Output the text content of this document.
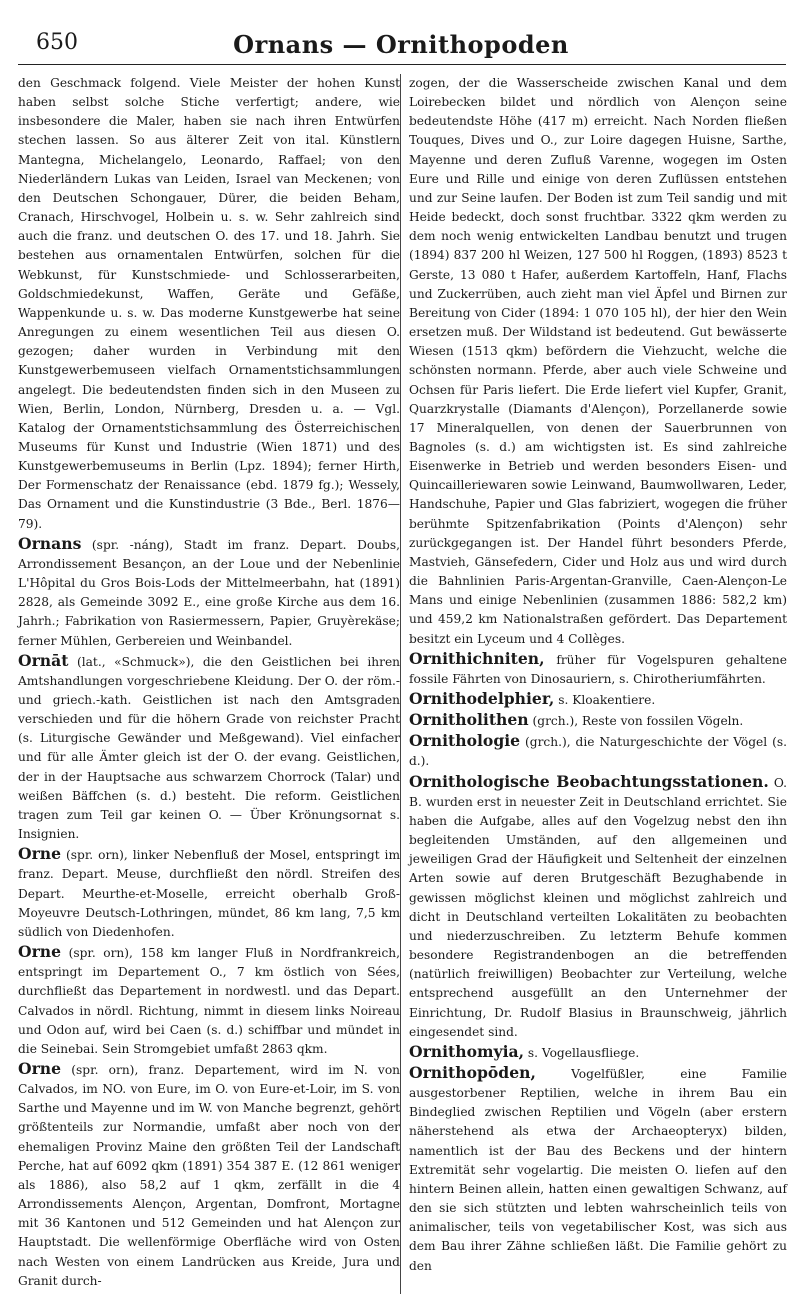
650	Ornans — Ornithopoden

den Geschmack folgend. Viele Meister der hohen Kunst haben selbst solche Stiche verfertigt; andere, wie insbesondere die Maler, haben sie nach ihren Entwürfen stechen lassen. So aus älterer Zeit von ital. Künstlern Mantegna, Michelangelo, Leonardo, Raffael; von den Niederländern Lukas van Leiden, Israel van Meckenen; von den Deutschen Schongauer, Dürer, die beiden Beham, Cranach, Hirschvogel, Holbein u. s. w. Sehr zahlreich sind auch die franz. und deutschen O. des 17. und 18. Jahrh. Sie bestehen aus ornamentalen Entwürfen, solchen für die Webkunst, für Kunstschmiede- und Schlosserarbeiten, Goldschmiedekunst, Waffen, Geräte und Gefäße, Wappenkunde u. s. w. Das moderne Kunstgewerbe hat seine Anregungen zu einem wesentlichen Teil aus diesen O. gezogen; daher wurden in Verbindung mit den Kunstgewerbemuseen vielfach Ornamentstichsammlungen angelegt. Die bedeutendsten finden sich in den Museen zu Wien, Berlin, London, Nürnberg, Dresden u. a. — Vgl. Katalog der Ornamentstichsammlung des Österreichischen Museums für Kunst und Industrie (Wien 1871) und des Kunstgewerbemuseums in Berlin (Lpz. 1894); ferner Hirth, Der Formenschatz der Renaissance (ebd. 1879 fg.); Wessely, Das Ornament und die Kunstindustrie (3 Bde., Berl. 1876—79).

Ornans (spr. -náng), Stadt im franz. Depart. Doubs, Arrondissement Besançon, an der Loue und der Nebenlinie L'Hôpital du Gros Bois-Lods der Mittelmeerbahn, hat (1891) 2828, als Gemeinde 3092 E., eine große Kirche aus dem 16. Jahrh.; Fabrikation von Rasiermessern, Papier, Gruyèrekäse; ferner Mühlen, Gerbereien und Weinbandel.

Ornāt (lat., «Schmuck»), die den Geistlichen bei ihren Amtshandlungen vorgeschriebene Kleidung. Der O. der röm.- und griech.-kath. Geistlichen ist nach den Amtsgraden verschieden und für die höhern Grade von reichster Pracht (s. Liturgische Gewänder und Meßgewand). Viel einfacher und für alle Ämter gleich ist der O. der evang. Geistlichen, der in der Hauptsache aus schwarzem Chorrock (Talar) und weißen Bäffchen (s. d.) besteht. Die reform. Geistlichen tragen zum Teil gar keinen O. — Über Krönungsornat s. Insignien.

Orne (spr. orn), linker Nebenfluß der Mosel, entspringt im franz. Depart. Meuse, durchfließt den nördl. Streifen des Depart. Meurthe-et-Moselle, erreicht oberhalb Groß-Moyeuvre Deutsch-Lothringen, mündet, 86 km lang, 7,5 km südlich von Diedenhofen.

Orne (spr. orn), 158 km langer Fluß in Nordfrankreich, entspringt im Departement O., 7 km östlich von Sées, durchfließt das Departement in nordwestl. und das Depart. Calvados in nördl. Richtung, nimmt in diesem links Noireau und Odon auf, wird bei Caen (s. d.) schiffbar und mündet in die Seinebai. Sein Stromgebiet umfaßt 2863 qkm.

Orne (spr. orn), franz. Departement, wird im N. von Calvados, im NO. von Eure, im O. von Eure-et-Loir, im S. von Sarthe und Mayenne und im W. von Manche begrenzt, gehört größtenteils zur Normandie, umfaßt aber noch von der ehemaligen Provinz Maine den größten Teil der Landschaft Perche, hat auf 6092 qkm (1891) 354 387 E. (12 861 weniger als 1886), also 58,2 auf 1 qkm, zerfällt in die 4 Arrondissements Alençon, Argentan, Domfront, Mortagne mit 36 Kantonen und 512 Gemeinden und hat Alençon zur Hauptstadt. Die wellenförmige Oberfläche wird von Osten nach Westen von einem Landrücken aus Kreide, Jura und Granit durch-

zogen, der die Wasserscheide zwischen Kanal und dem Loirebecken bildet und nördlich von Alençon seine bedeutendste Höhe (417 m) erreicht. Nach Norden fließen Touques, Dives und O., zur Loire dagegen Huisne, Sarthe, Mayenne und deren Zufluß Varenne, wogegen im Osten Eure und Rille und einige von deren Zuflüssen entstehen und zur Seine laufen. Der Boden ist zum Teil sandig und mit Heide bedeckt, doch sonst fruchtbar. 3322 qkm werden zu dem noch wenig entwickelten Landbau benutzt und trugen (1894) 837 200 hl Weizen, 127 500 hl Roggen, (1893) 8523 t Gerste, 13 080 t Hafer, außerdem Kartoffeln, Hanf, Flachs und Zuckerrüben, auch zieht man viel Äpfel und Birnen zur Bereitung von Cider (1894: 1 070 105 hl), der hier den Wein ersetzen muß. Der Wildstand ist bedeutend. Gut bewässerte Wiesen (1513 qkm) befördern die Viehzucht, welche die schönsten normann. Pferde, aber auch viele Schweine und Ochsen für Paris liefert. Die Erde liefert viel Kupfer, Granit, Quarzkrystalle (Diamants d'Alençon), Porzellanerde sowie 17 Mineralquellen, von denen der Sauerbrunnen von Bagnoles (s. d.) am wichtigsten ist. Es sind zahlreiche Eisenwerke in Betrieb und werden besonders Eisen- und Quincailleriewaren sowie Leinwand, Baumwollwaren, Leder, Handschuhe, Papier und Glas fabriziert, wogegen die früher berühmte Spitzenfabrikation (Points d'Alençon) sehr zurückgegangen ist. Der Handel führt besonders Pferde, Mastvieh, Gänsefedern, Cider und Holz aus und wird durch die Bahnlinien Paris-Argentan-Granville, Caen-Alençon-Le Mans und einige Nebenlinien (zusammen 1886: 582,2 km) und 459,2 km Nationalstraßen gefördert. Das Departement besitzt ein Lyceum und 4 Collèges.

Ornithichniten, früher für Vogelspuren gehaltene fossile Fährten von Dinosauriern, s. Chirotheriumfährten.

Ornithodelphier, s. Kloakentiere.

Ornitholithen (grch.), Reste von fossilen Vögeln.

Ornithologie (grch.), die Naturgeschichte der Vögel (s. d.).

Ornithologische Beobachtungsstationen. O. B. wurden erst in neuester Zeit in Deutschland errichtet. Sie haben die Aufgabe, alles auf den Vogelzug nebst den ihn begleitenden Umständen, auf den allgemeinen und jeweiligen Grad der Häufigkeit und Seltenheit der einzelnen Arten sowie auf deren Brutgeschäft Bezughabende in gewissen möglichst kleinen und möglichst zahlreich und dicht in Deutschland verteilten Lokalitäten zu beobachten und niederzuschreiben. Zu letzterm Behufe kommen besondere Registrandenbogen an die betreffenden (natürlich freiwilligen) Beobachter zur Verteilung, welche entsprechend ausgefüllt an den Unternehmer der Einrichtung, Dr. Rudolf Blasius in Braunschweig, jährlich eingesendet sind.

Ornithomyia, s. Vogellausfliege.

Ornithopōden, Vogelfüßler, eine Familie ausgestorbener Reptilien, welche in ihrem Bau ein Bindeglied zwischen Reptilien und Vögeln (aber erstern näherstehend als etwa der Archaeopteryx) bilden, namentlich ist der Bau des Beckens und der hintern Extremität sehr vogelartig. Die meisten O. liefen auf den hintern Beinen allein, hatten einen gewaltigen Schwanz, auf den sie sich stützten und lebten wahrscheinlich teils von animalischer, teils von vegetabilischer Kost, was sich aus dem Bau ihrer Zähne schließen läßt. Die Familie gehört zu den
